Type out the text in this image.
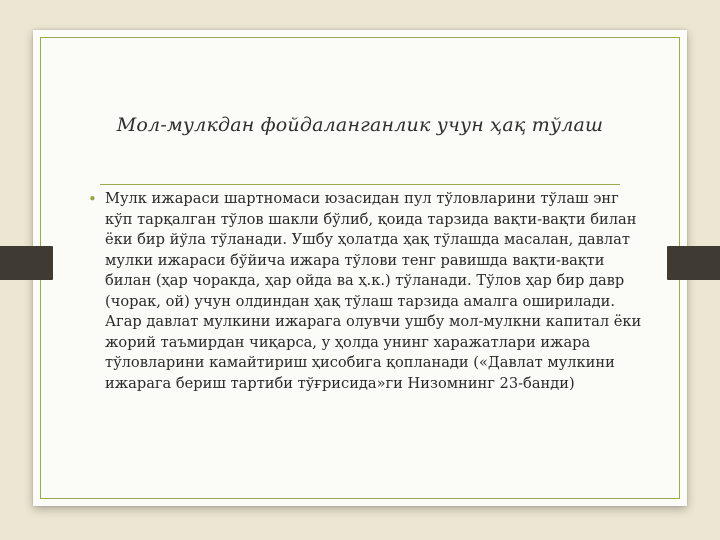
Мол-мулкдан фойдаланганлик учун ҳақ тўлаш
• Мулк ижараси шартномаси юзасидан пул тўловларини тўлаш энг кўп тарқалган тўлов шакли бўлиб, қоида тарзида вақти-вақти билан ёки бир йўла тўланади. Ушбу ҳолатда ҳақ тўлашда масалан, давлат мулки ижараси бўйича ижара тўлови тенг равишда вақти-вақти билан (ҳар чоракда, ҳар ойда ва ҳ.к.) тўланади. Тўлов ҳар бир давр (чорак, ой) учун олдиндан ҳақ тўлаш тарзида амалга оширилади. Агар давлат мулкини ижарага олувчи ушбу мол-мулкни капитал ёки жорий таъмирдан чиқарса, у ҳолда унинг харажатлари ижара тўловларини камайтириш ҳисобига қопланади («Давлат мулкини ижарага бериш тартиби тўғрисида»ги Низомнинг 23-банди)
